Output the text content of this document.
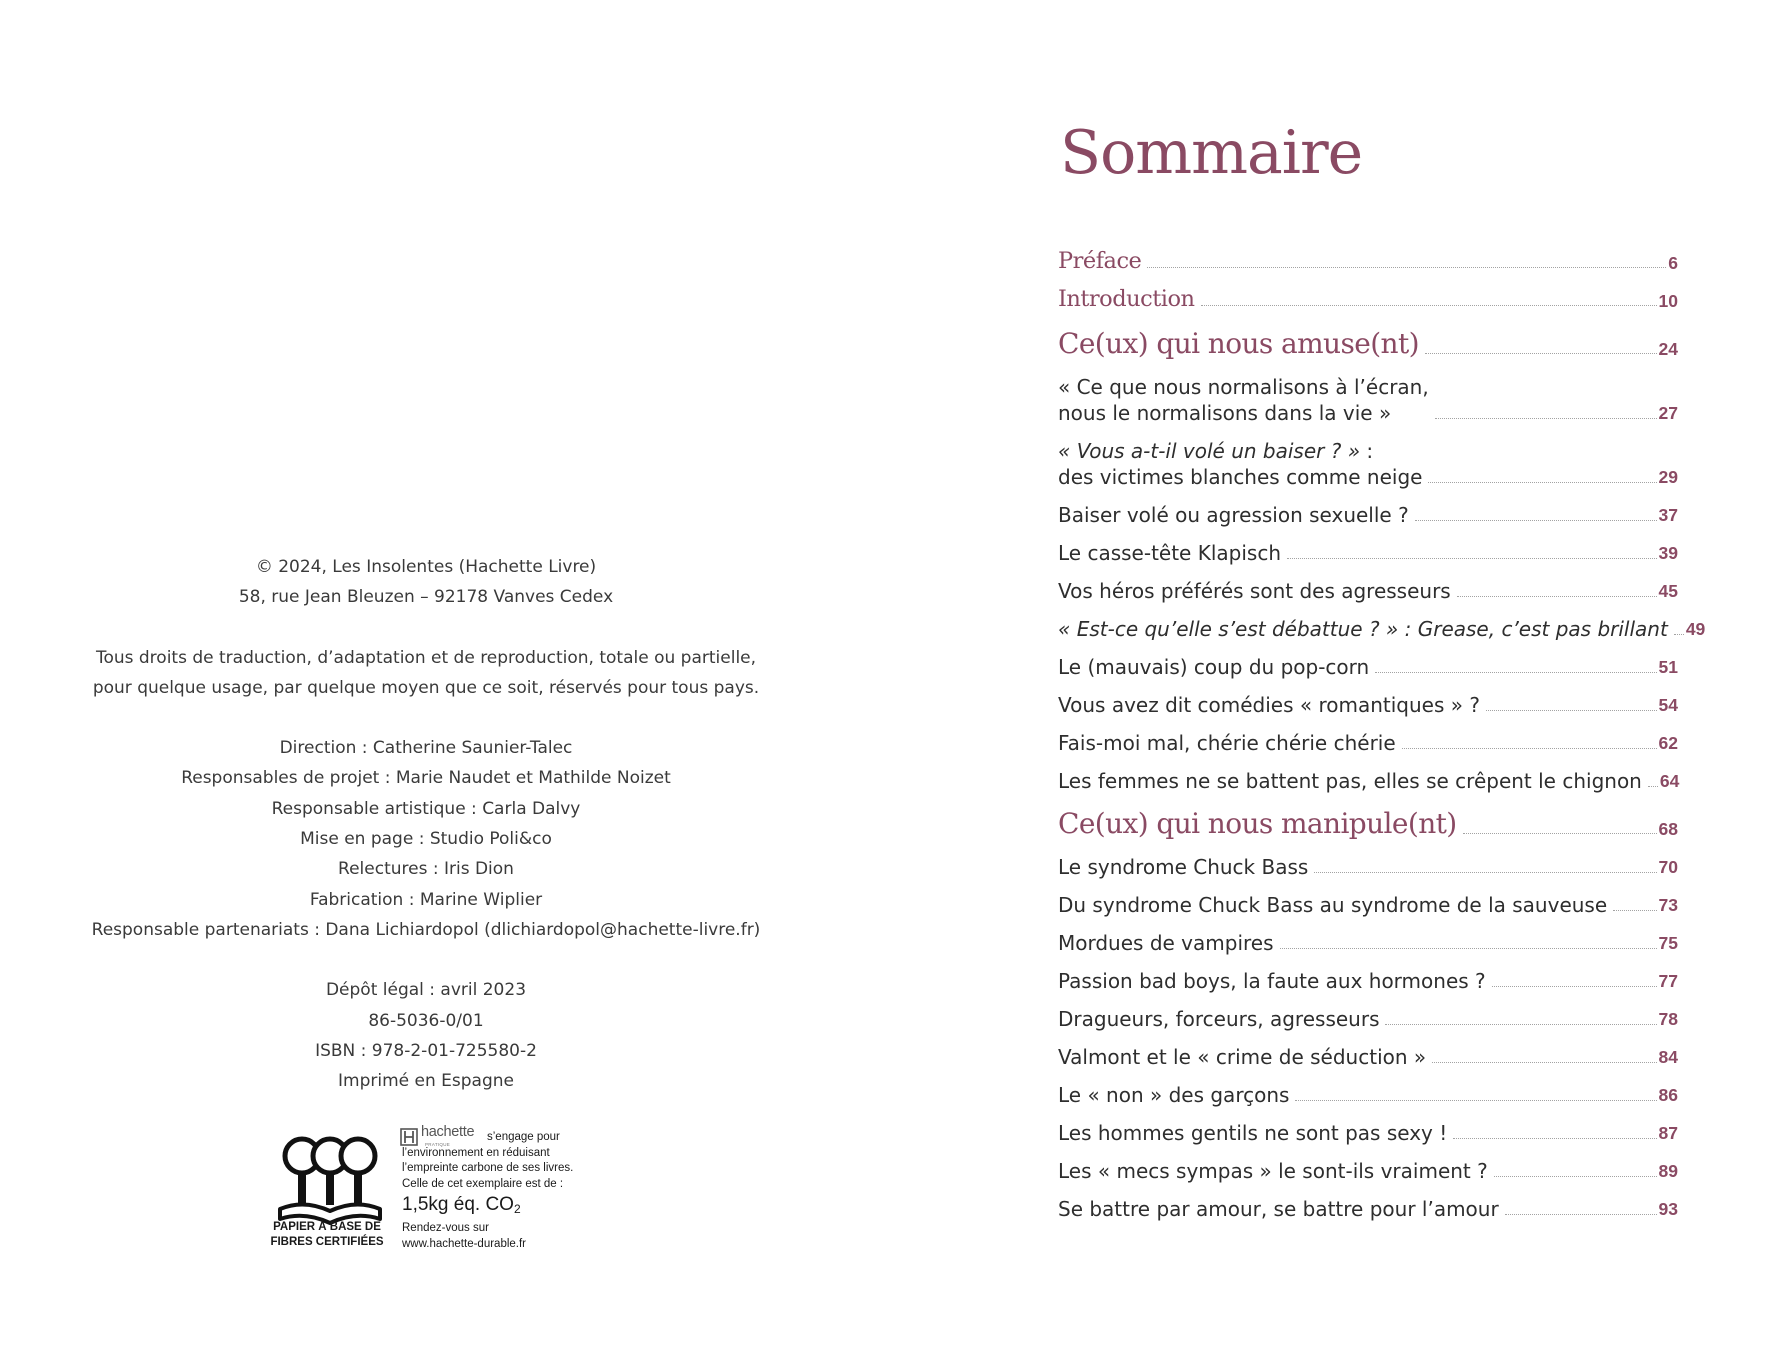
© 2024, Les Insolentes (Hachette Livre)

58, rue Jean Bleuzen – 92178 Vanves Cedex

Tous droits de traduction, d’adaptation et de reproduction, totale ou partielle,

pour quelque usage, par quelque moyen que ce soit, réservés pour tous pays.

Direction : Catherine Saunier-Talec

Responsables de projet : Marie Naudet et Mathilde Noizet

Responsable artistique : Carla Dalvy

Mise en page : Studio Poli&co

Relectures : Iris Dion

Fabrication : Marine Wiplier

Responsable partenariats : Dana Lichiardopol (dlichiardopol@hachette-livre.fr)

Dépôt légal : avril 2023

86-5036-0/01

ISBN : 978-2-01-725580-2

Imprimé en Espagne

PAPIER À BASE DE
FIBRES CERTIFIÉES
hachette
PRATIQUE
s’engage pour
l’environnement en réduisant
l’empreinte carbone de ses livres.
Celle de cet exemplaire est de :
1,5kg éq. $CO_2$
Rendez-vous sur
www.hachette-durable.fr
Sommaire
Préface	6
Introduction	10
Ce(ux) qui nous amuse(nt)	24
« Ce que nous normalisons à l’écran,
nous le normalisons dans la vie »	27
« Vous a-t-il volé un baiser ? » :
des victimes blanches comme neige	29
Baiser volé ou agression sexuelle ?	37
Le casse-tête Klapisch	39
Vos héros préférés sont des agresseurs	45
« Est-ce qu’elle s’est débattue ? » : Grease, c’est pas brillant 49
Le (mauvais) coup du pop-corn	51
Vous avez dit comédies « romantiques » ?	54
Fais-moi mal, chérie chérie chérie	62
Les femmes ne se battent pas, elles se crêpent le chignon 64
Ce(ux) qui nous manipule(nt)	68
Le syndrome Chuck Bass	70
Du syndrome Chuck Bass au syndrome de la sauveuse	73
Mordues de vampires	75
Passion bad boys, la faute aux hormones ?	77
Dragueurs, forceurs, agresseurs	78
Valmont et le « crime de séduction »	84
Le « non » des garçons	86
Les hommes gentils ne sont pas sexy !	87
Les « mecs sympas » le sont-ils vraiment ?	89
Se battre par amour, se battre pour l’amour	93
